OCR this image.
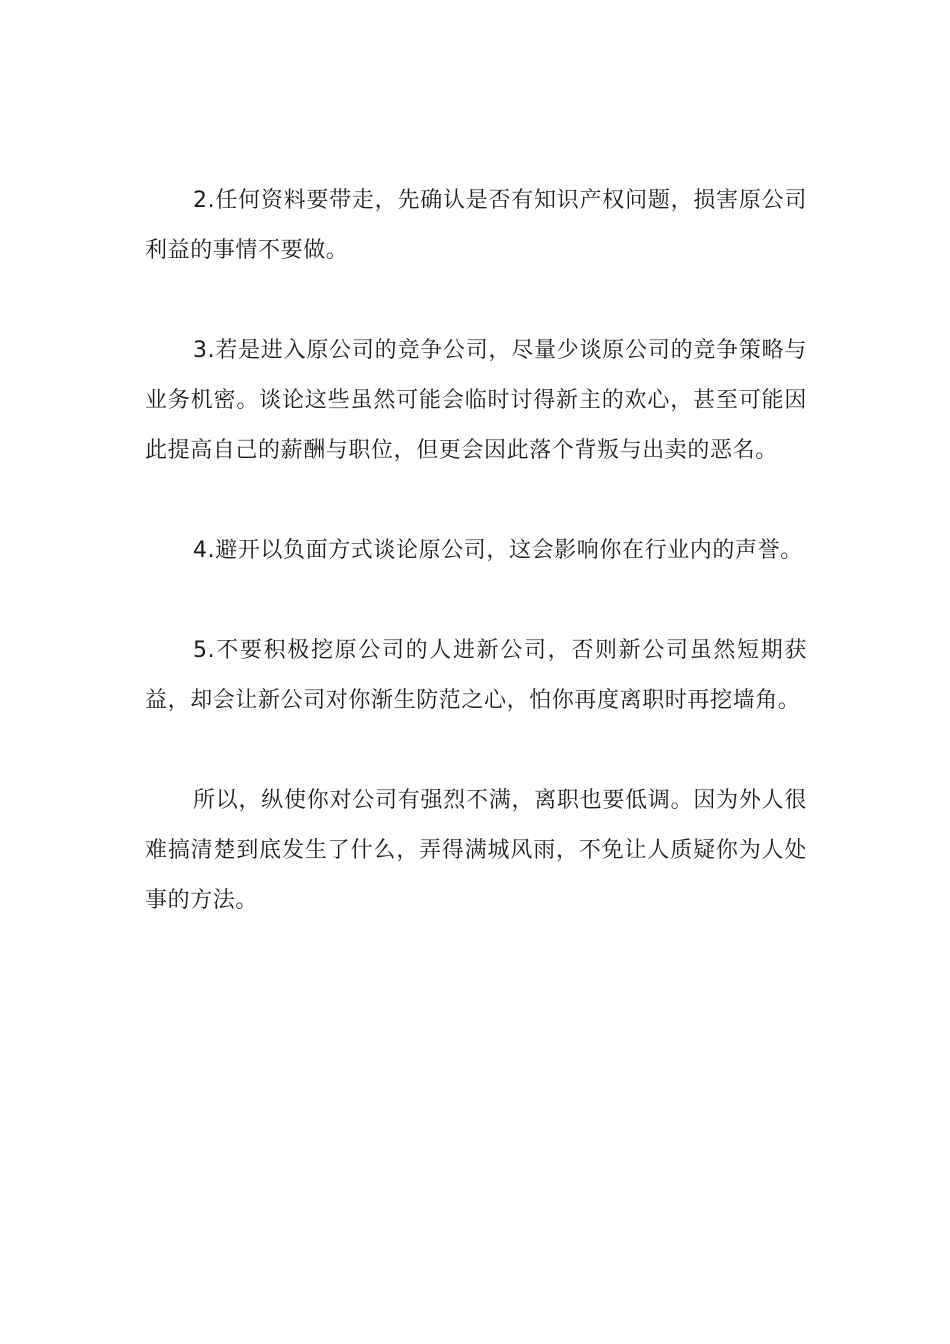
2.任何资料要带走，先确认是否有知识产权问题，损害原公司利益的事情不要做。

3.若是进入原公司的竞争公司，尽量少谈原公司的竞争策略与业务机密。谈论这些虽然可能会临时讨得新主的欢心，甚至可能因此提高自己的薪酬与职位，但更会因此落个背叛与出卖的恶名。

4.避开以负面方式谈论原公司，这会影响你在行业内的声誉。

5.不要积极挖原公司的人进新公司，否则新公司虽然短期获益，却会让新公司对你渐生防范之心，怕你再度离职时再挖墙角。

所以，纵使你对公司有强烈不满，离职也要低调。因为外人很难搞清楚到底发生了什么，弄得满城风雨，不免让人质疑你为人处事的方法。
